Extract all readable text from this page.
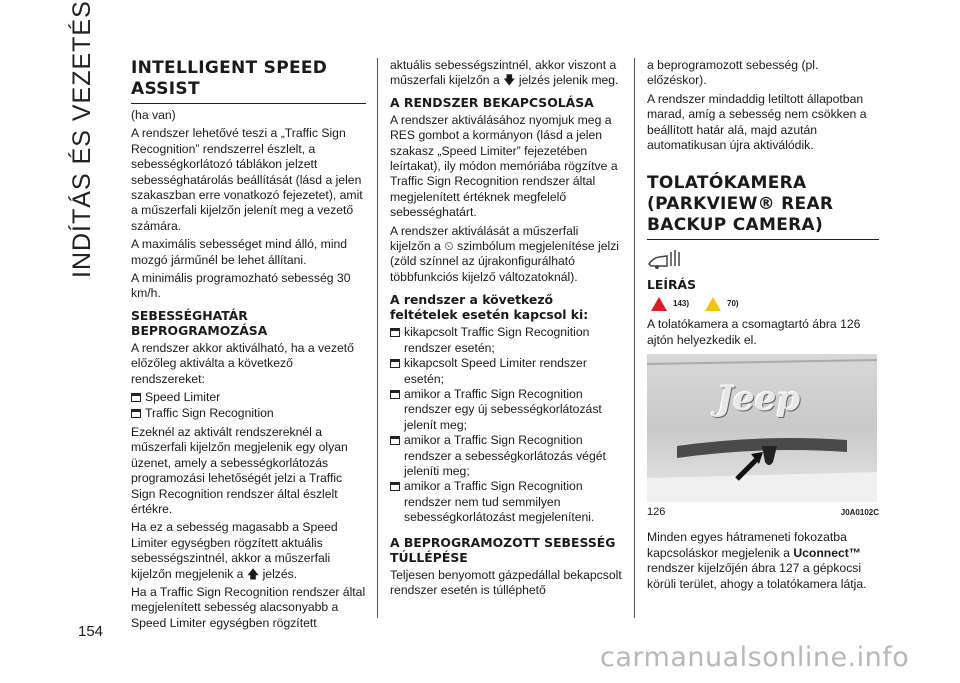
INDÍTÁS ÉS VEZETÉS INTELLIGENT SPEED ASSIST

(ha van)

A rendszer lehetővé teszi a „Traffic Sign Recognition” rendszerrel észlelt, a sebességkorlátozó táblákon jelzett sebességhatárolás beállítását (lásd a jelen szakaszban erre vonatkozó fejezetet), amit a műszerfali kijelzőn jelenít meg a vezető számára.

A maximális sebességet mind álló, mind mozgó járműnél be lehet állítani.

A minimális programozható sebesség 30 km/h.

SEBESSÉGHATÁR BEPROGRAMOZÁSA

A rendszer akkor aktiválható, ha a vezető előzőleg aktiválta a következő rendszereket:

Speed Limiter
Traffic Sign Recognition

Ezeknél az aktivált rendszereknél a műszerfali kijelzőn megjelenik egy olyan üzenet, amely a sebességkorlátozás programozási lehetőségét jelzi a Traffic Sign Recognition rendszer által észlelt értékre.

Ha ez a sebesség magasabb a Speed Limiter egységben rögzített aktuális sebességszintnél, akkor a műszerfali kijelzőn megjelenik a 🡅 jelzés.

Ha a Traffic Sign Recognition rendszer által megjelenített sebesség alacsonyabb a Speed Limiter egységben rögzített

aktuális sebességszintnél, akkor viszont a műszerfali kijelzőn a 🡇 jelzés jelenik meg.

A RENDSZER BEKAPCSOLÁSA

A rendszer aktiválásához nyomjuk meg a RES gombot a kormányon (lásd a jelen szakasz „Speed Limiter” fejezetében leírtakat), ily módon memóriába rögzítve a Traffic Sign Recognition rendszer által megjelenített értéknek megfelelő sebességhatárt.

A rendszer aktiválását a műszerfali kijelzőn a ⏲ szimbólum megjelenítése jelzi (zöld színnel az újrakonfigurálható többfunkciós kijelző változatoknál).

A rendszer a következő feltételek esetén kapcsol ki:
kikapcsolt Traffic Sign Recognition rendszer esetén;
kikapcsolt Speed Limiter rendszer esetén;
amikor a Traffic Sign Recognition rendszer egy új sebességkorlátozást jelenít meg;
amikor a Traffic Sign Recognition rendszer a sebességkorlátozás végét jeleníti meg;
amikor a Traffic Sign Recognition rendszer nem tud semmilyen sebességkorlátozást megjeleníteni.
A BEPROGRAMOZOTT SEBESSÉG TÚLLÉPÉSE

Teljesen benyomott gázpedállal bekapcsolt rendszer esetén is túlléphető

a beprogramozott sebesség (pl. előzéskor).

A rendszer mindaddig letiltott állapotban marad, amíg a sebesség nem csökken a beállított határ alá, majd azután automatikusan újra aktiválódik.

TOLATÓKAMERA (PARKVIEW® REAR BACKUP CAMERA)
LEÍRÁS
143)	70)

A tolatókamera a csomagtartó ábra 126 ajtón helyezkedik el.

Jeep
126	J0A0102C

Minden egyes hátrameneti fokozatba kapcsoláskor megjelenik a Uconnect™ rendszer kijelzőjén ábra 127 a gépkocsi körüli terület, ahogy a tolatókamera látja.

154
carmanualsonline.info
